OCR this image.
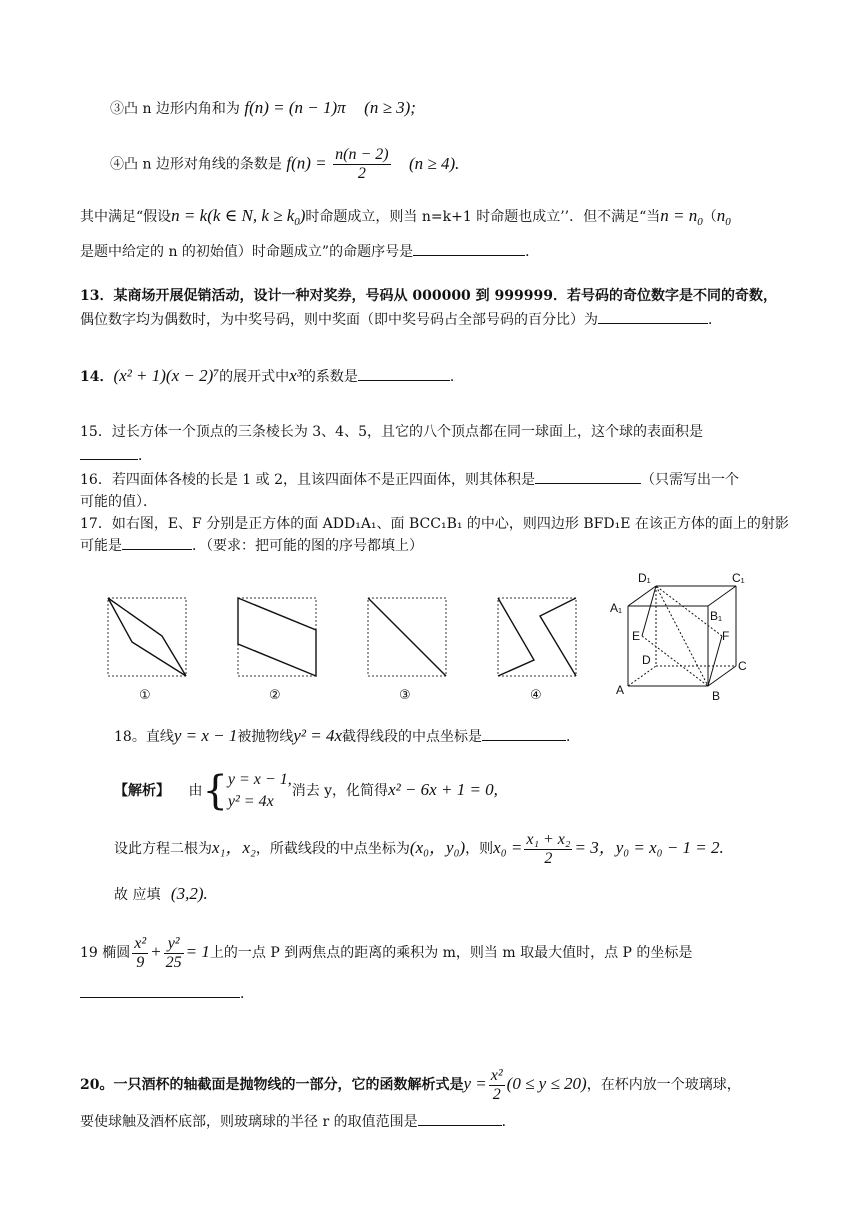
③凸 n 边形内角和为 f(n) = (n − 1)π (n ≥ 3);
④凸 n 边形对角线的条数是 $f(n) = \frac{n(n - 2)}{2} (n \ge 4)$.
其中满足“假设n = k(k ∈ N, $k \ge k_0$)时命题成立，则当 n=k+1 时命题也成立’’．但不满足“当$n = n_0(n_0$
是题中给定的 n 的初始值）时命题成立”的命题序号是	．
13．某商场开展促销活动，设计一种对奖券，号码从 000000 到 999999．若号码的奇位数字是不同的奇数，
偶位数字均为偶数时，为中奖号码，则中奖面（即中奖号码占全部号码的百分比）为	．
14．(x² + 1)(x − 2)⁷的展开式中x³的系数是	．
15．过长方体一个顶点的三条棱长为 3、4、5，且它的八个顶点都在同一球面上，这个球的表面积是
．
16．若四面体各棱的长是 1 或 2，且该四面体不是正四面体，则其体积是	（只需写出一个
可能的值）．
17．如右图，E、F 分别是正方体的面 ADD₁A₁、面 BCC₁B₁ 的中心，则四边形 BFD₁E 在该正方体的面上的射影
可能是	．（要求：把可能的图的序号都填上）
①	②	③	④
D₁	C₁
A₁
B₁
E	F
D	C
A	B
18。直线y = x − 1被抛物线y² = 4x截得线段的中点坐标是	．
【解析】 由{ y = x − 1,
y² = 4x
消去 y，化简得x² − 6x + 1 = 0,
设此方程二根为x₁，x₂，所截线段的中点坐标为(x₀，y₀)，则$x_0 = \frac{\text{x₁ + x₂}}{2} = 3$，y₀ = x₀ − 1 = 2.
故 应填 (3,2).
19 椭圆 $\frac{\text{x²}}{9} + \frac{\text{y²}}{25} = 1$上的一点 P 到两焦点的距离的乘积为 m，则当 m 取最大值时，点 P 的坐标是
．
20。一只酒杯的轴截面是抛物线的一部分，它的函数解析式是$y = \frac{\text{x²}}{2} (0 \le y \le 20)$，在杯内放一个玻璃球，
要使球触及酒杯底部，则玻璃球的半径 r 的取值范围是	．
